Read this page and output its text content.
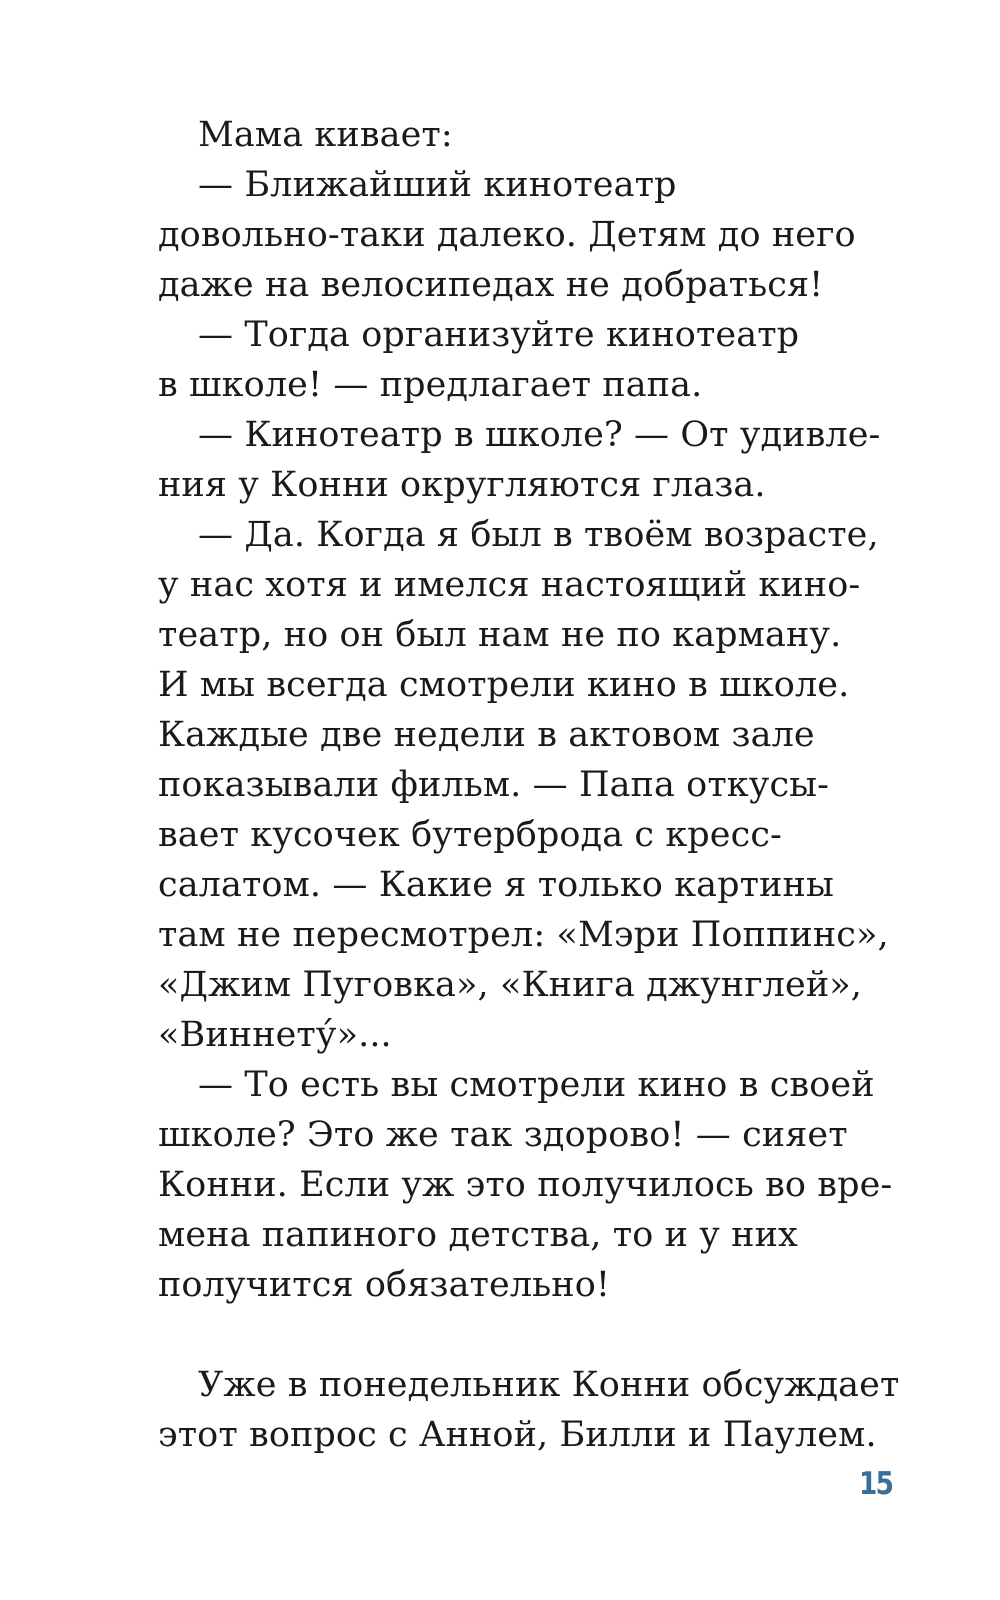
Мама кивает:
— Ближайший кинотеатр
довольно-таки далеко. Детям до него
даже на велосипедах не добраться!
— Тогда организуйте кинотеатр
в школе! — предлагает папа.
— Кинотеатр в школе? — От удивле-
ния у Конни округляются глаза.
— Да. Когда я был в твоём возрасте,
у нас хотя и имелся настоящий кино-
театр, но он был нам не по карману.
И мы всегда смотрели кино в школе.
Каждые две недели в актовом зале
показывали фильм. — Папа откусы-
вает кусочек бутерброда с кресс-
салатом. — Какие я только картины
там не пересмотрел: «Мэри Поппинс»,
«Джим Пуговка», «Книга джунглей»,
«Виннету́»...
— То есть вы смотрели кино в своей
школе? Это же так здорово! — сияет
Конни. Если уж это получилось во вре-
мена папиного детства, то и у них
получится обязательно!
Уже в понедельник Конни обсуждает
этот вопрос с Анной, Билли и Паулем.
15
